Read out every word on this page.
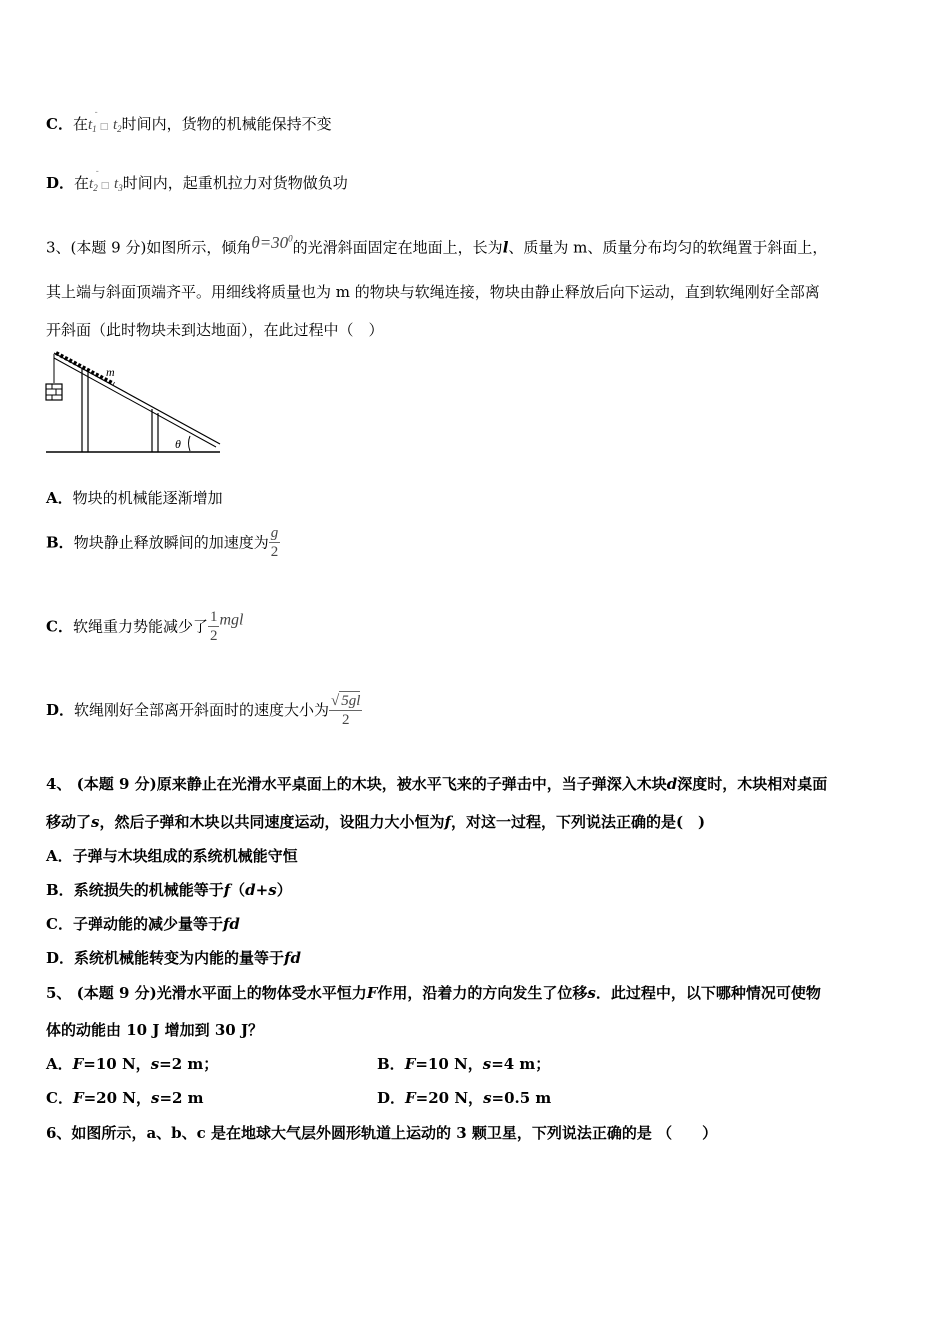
C．在$t_1^-□$ $t_2$时间内，货物的机械能保持不变
D．在$t_2^-□$ $t_3$时间内，起重机拉力对货物做负功
3、(本题 9 分)如图所示，倾角$\theta=30^0$的光滑斜面固定在地面上，长为l、质量为 m、质量分布均匀的软绳置于斜面上，
其上端与斜面顶端齐平。用细线将质量也为 m 的物块与软绳连接，物块由静止释放后向下运动，直到软绳刚好全部离
开斜面（此时物块未到达地面），在此过程中（　）
m
θ
A．物块的机械能逐渐增加
B．物块静止释放瞬间的加速度为 $\frac{g}{2}$
C．软绳重力势能减少了 $\frac{1}{2}$ mgl
D．软绳刚好全部离开斜面时的速度大小为 $\frac{√ 5gl}{2}$
4、 (本题 9 分)原来静止在光滑水平桌面上的木块，被水平飞来的子弹击中，当子弹深入木块d深度时，木块相对桌面
移动了s，然后子弹和木块以共同速度运动，设阻力大小恒为f，对这一过程，下列说法正确的是(　)
A．子弹与木块组成的系统机械能守恒
B．系统损失的机械能等于f（d+s）
C．子弹动能的减少量等于fd
D．系统机械能转变为内能的量等于fd
5、 (本题 9 分)光滑水平面上的物体受水平恒力F作用，沿着力的方向发生了位移s．此过程中，以下哪种情况可使物
体的动能由 10 J 增加到 30 J？
A．F=10 N，s=2 m；	B．F=10 N，s=4 m；
C．F=20 N，s=2 m	D．F=20 N，s=0.5 m
6、如图所示，a、b、c 是在地球大气层外圆形轨道上运动的 3 颗卫星，下列说法正确的是 （　　）
